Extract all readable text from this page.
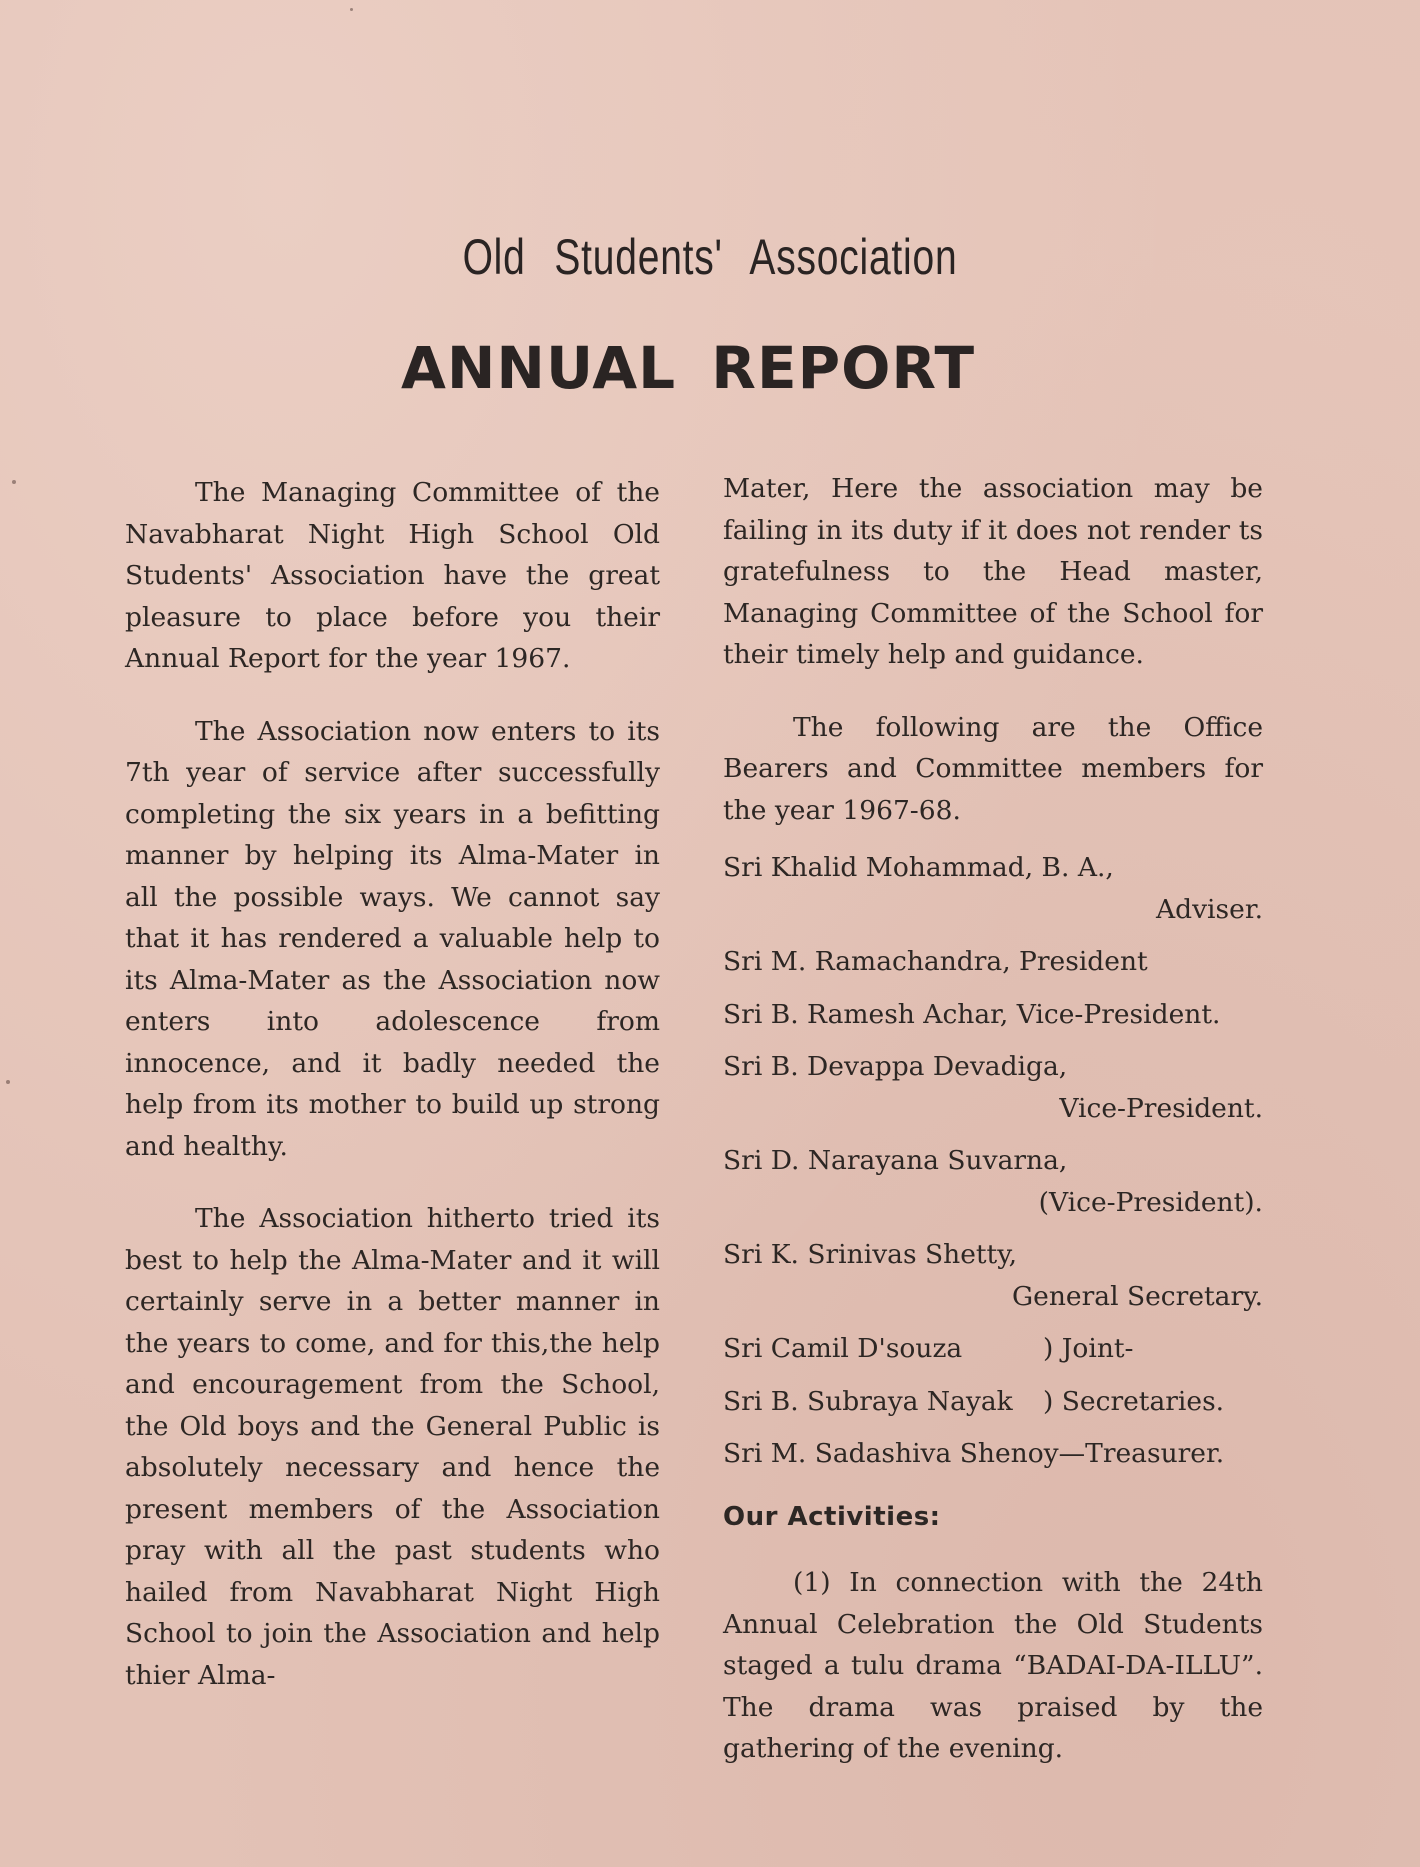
Old Students' Association
ANNUAL REPORT

The Managing Committee of the Navabharat Night High School Old Students' Association have the great pleasure to place before you their Annual Report for the year 1967.

The Association now enters to its 7th year of service after successfully completing the six years in a befitting manner by helping its Alma-Mater in all the possible ways. We cannot say that it has rendered a valuable help to its Alma-Mater as the Association now enters into adolescence from innocence, and it badly needed the help from its mother to build up strong and healthy.

The Association hitherto tried its best to help the Alma-Mater and it will certainly serve in a better manner in the years to come, and for this,the help and encouragement from the School, the Old boys and the General Public is absolutely necessary and hence the present members of the Association pray with all the past students who hailed from Navabharat Night High School to join the Association and help thier Alma-

Mater, Here the association may be failing in its duty if it does not render ts gratefulness to the Head master, Managing Committee of the School for their timely help and guidance.

The following are the Office Bearers and Committee members for the year 1967-68.

Sri Khalid Mohammad, B. A.,
Adviser.
Sri M. Ramachandra, President
Sri B. Ramesh Achar, Vice-President.
Sri B. Devappa Devadiga,
Vice-President.
Sri D. Narayana Suvarna,
(Vice-President).
Sri K. Srinivas Shetty,
General Secretary.
Sri Camil D'souza	) Joint-
Sri B. Subraya Nayak	) Secretaries.
Sri M. Sadashiva Shenoy—Treasurer.
Our Activities:

(1) In connection with the 24th Annual Celebration the Old Students staged a tulu drama “BADAI-DA-ILLU”. The drama was praised by the gathering of the evening.
